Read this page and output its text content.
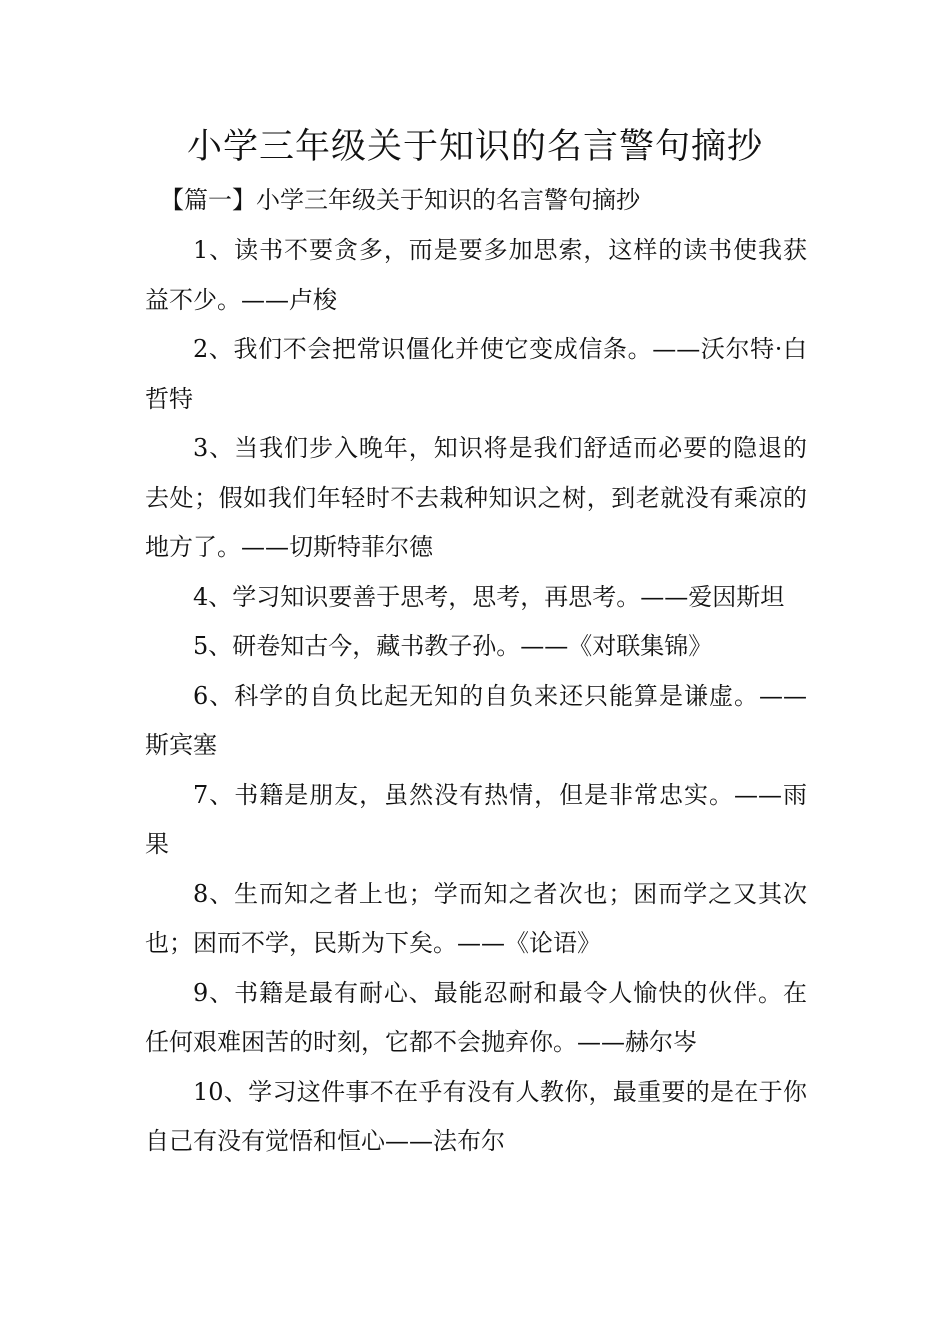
小学三年级关于知识的名言警句摘抄
【篇一】小学三年级关于知识的名言警句摘抄

1、读书不要贪多，而是要多加思索，这样的读书使我获益不少。——卢梭

2、我们不会把常识僵化并使它变成信条。——沃尔特·白哲特

3、当我们步入晚年，知识将是我们舒适而必要的隐退的去处；假如我们年轻时不去栽种知识之树，到老就没有乘凉的地方了。——切斯特菲尔德

4、学习知识要善于思考，思考，再思考。——爱因斯坦

5、研卷知古今，藏书教子孙。——《对联集锦》

6、科学的自负比起无知的自负来还只能算是谦虚。——斯宾塞

7、书籍是朋友，虽然没有热情，但是非常忠实。——雨果

8、生而知之者上也；学而知之者次也；困而学之又其次也；困而不学，民斯为下矣。——《论语》

9、书籍是最有耐心、最能忍耐和最令人愉快的伙伴。在任何艰难困苦的时刻，它都不会抛弃你。——赫尔岑

10、学习这件事不在乎有没有人教你，最重要的是在于你自己有没有觉悟和恒心——法布尔
